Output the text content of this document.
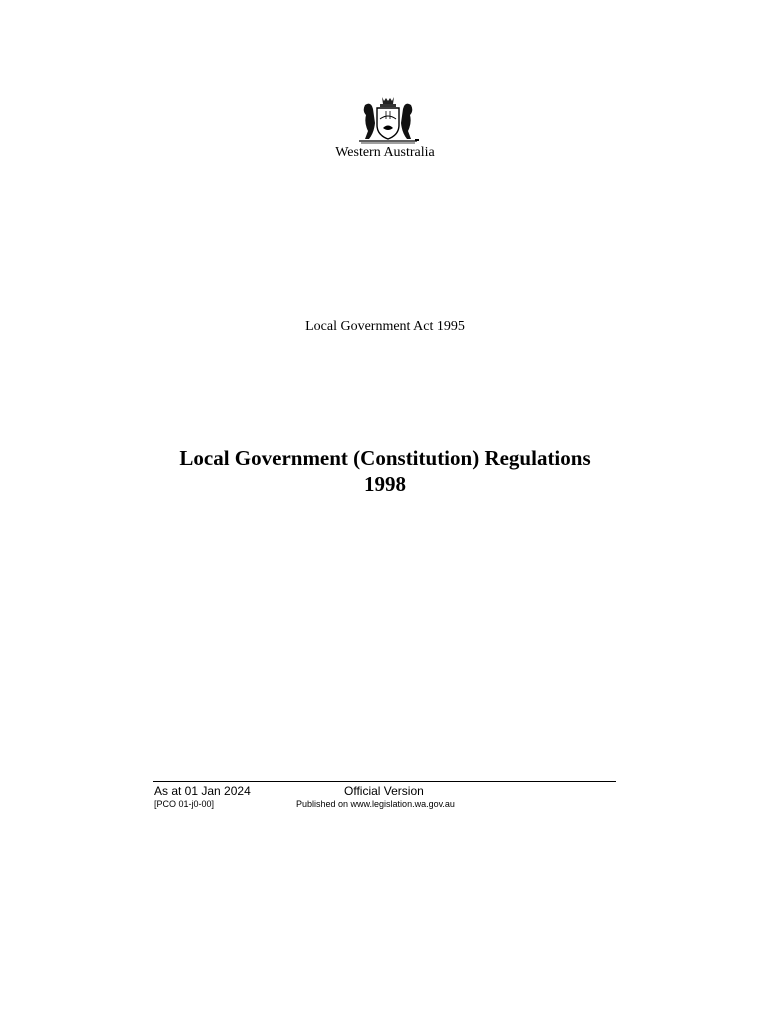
Western Australia
Local Government Act 1995
Local Government (Constitution) Regulations
1998
As at 01 Jan 2024	Official Version
[PCO 01-j0-00]	Published on www.legislation.wa.gov.au
